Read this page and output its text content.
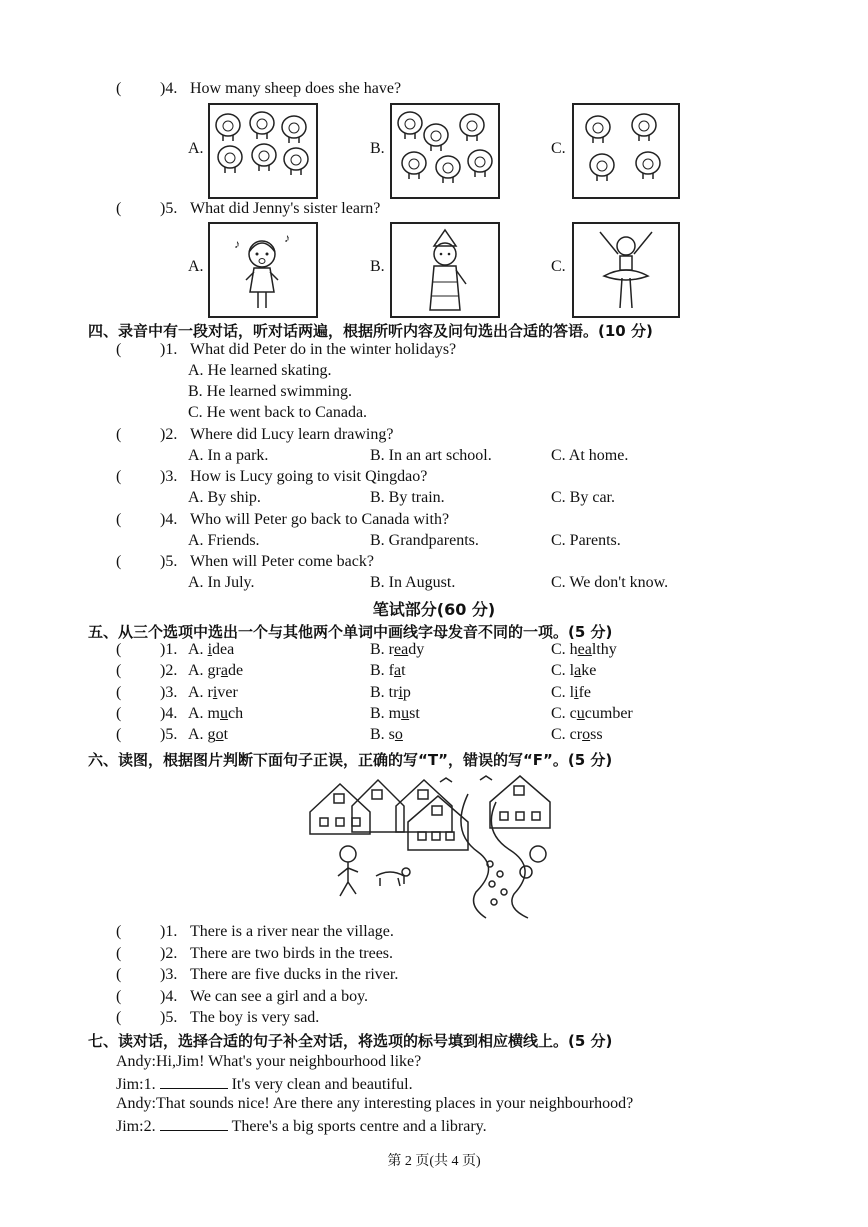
( )4. How many sheep does she have?
A.	B.	C.
( )5. What did Jenny's sister learn?
A.
♪	♪
B.	C.
四、录音中有一段对话，听对话两遍，根据所听内容及问句选出合适的答语。(10 分)
( )1. What did Peter do in the winter holidays?
A. He learned skating.
B. He learned swimming.
C. He went back to Canada.
( )2. Where did Lucy learn drawing?
A. In a park.	B. In an art school.	C. At home.
( )3. How is Lucy going to visit Qingdao?
A. By ship.	B. By train.	C. By car.
( )4. Who will Peter go back to Canada with?
A. Friends.	B. Grandparents.	C. Parents.
( )5. When will Peter come back?
A. In July.	B. In August.	C. We don't know.
笔试部分(60 分)
五、从三个选项中选出一个与其他两个单词中画线字母发音不同的一项。(5 分)
( )1. A. idea	B. ready	C. healthy
( )2. A. grade	B. fat	C. lake
( )3. A. river	B. trip	C. life
( )4. A. much	B. must	C. cucumber
( )5. A. got	B. so	C. cross
六、读图，根据图片判断下面句子正误，正确的写“T”，错误的写“F”。(5 分)
( )1. There is a river near the village.
( )2. There are two birds in the trees.
( )3. There are five ducks in the river.
( )4. We can see a girl and a boy.
( )5. The boy is very sad.
七、读对话，选择合适的句子补全对话，将选项的标号填到相应横线上。(5 分)
Andy:Hi,Jim! What's your neighbourhood like?
Jim:1.	It's very clean and beautiful.
Andy:That sounds nice! Are there any interesting places in your neighbourhood?
Jim:2.	There's a big sports centre and a library.
第 2 页(共 4 页)
